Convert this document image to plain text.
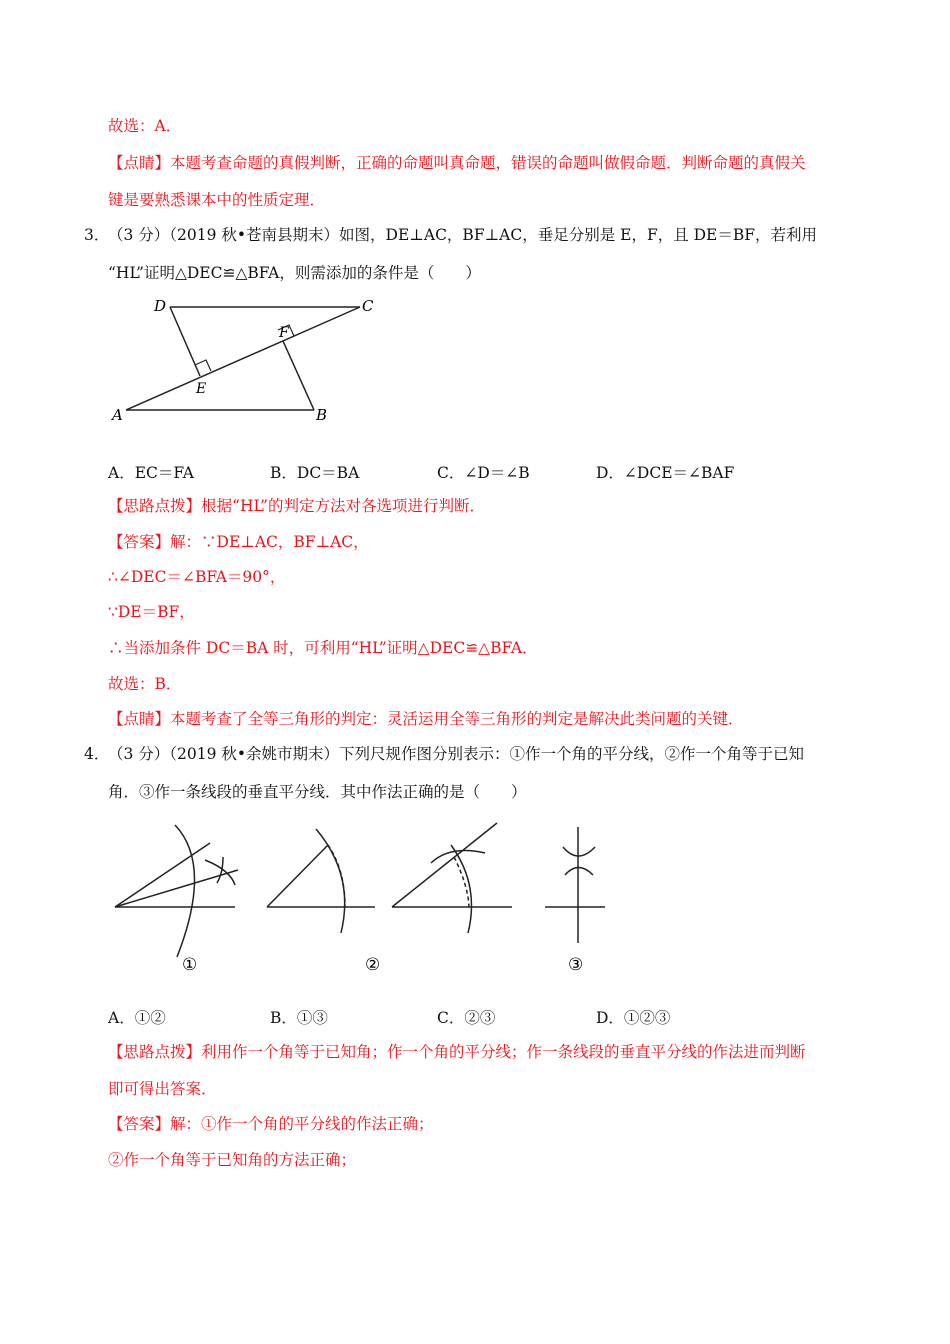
故选：A．
【点睛】本题考查命题的真假判断，正确的命题叫真命题，错误的命题叫做假命题．判断命题的真假关
键是要熟悉课本中的性质定理．
3．
（3 分）（2019 秋•苍南县期末）如图，DE⊥AC，BF⊥AC，垂足分别是 E，F，且 DE＝BF，若利用
“HL”证明△DEC≌△BFA，则需添加的条件是（　　）
D	C
F
E
A	B
A．EC＝FA	B．DC＝BA	C．∠D＝∠B	D．∠DCE＝∠BAF
【思路点拨】根据“HL”的判定方法对各选项进行判断．
【答案】解：∵DE⊥AC，BF⊥AC，
∴∠DEC＝∠BFA＝90°，
∵DE＝BF，
∴当添加条件 DC＝BA 时，可利用“HL”证明△DEC≌△BFA．
故选：B．
【点睛】本题考查了全等三角形的判定：灵活运用全等三角形的判定是解决此类问题的关键．
4．
（3 分）（2019 秋•余姚市期末）下列尺规作图分别表示：①作一个角的平分线，②作一个角等于已知
角．③作一条线段的垂直平分线．其中作法正确的是（　　）
①	②	③
A．①②	B．①③	C．②③	D．①②③
【思路点拨】利用作一个角等于已知角；作一个角的平分线；作一条线段的垂直平分线的作法进而判断
即可得出答案．
【答案】解：①作一个角的平分线的作法正确；
②作一个角等于已知角的方法正确；
